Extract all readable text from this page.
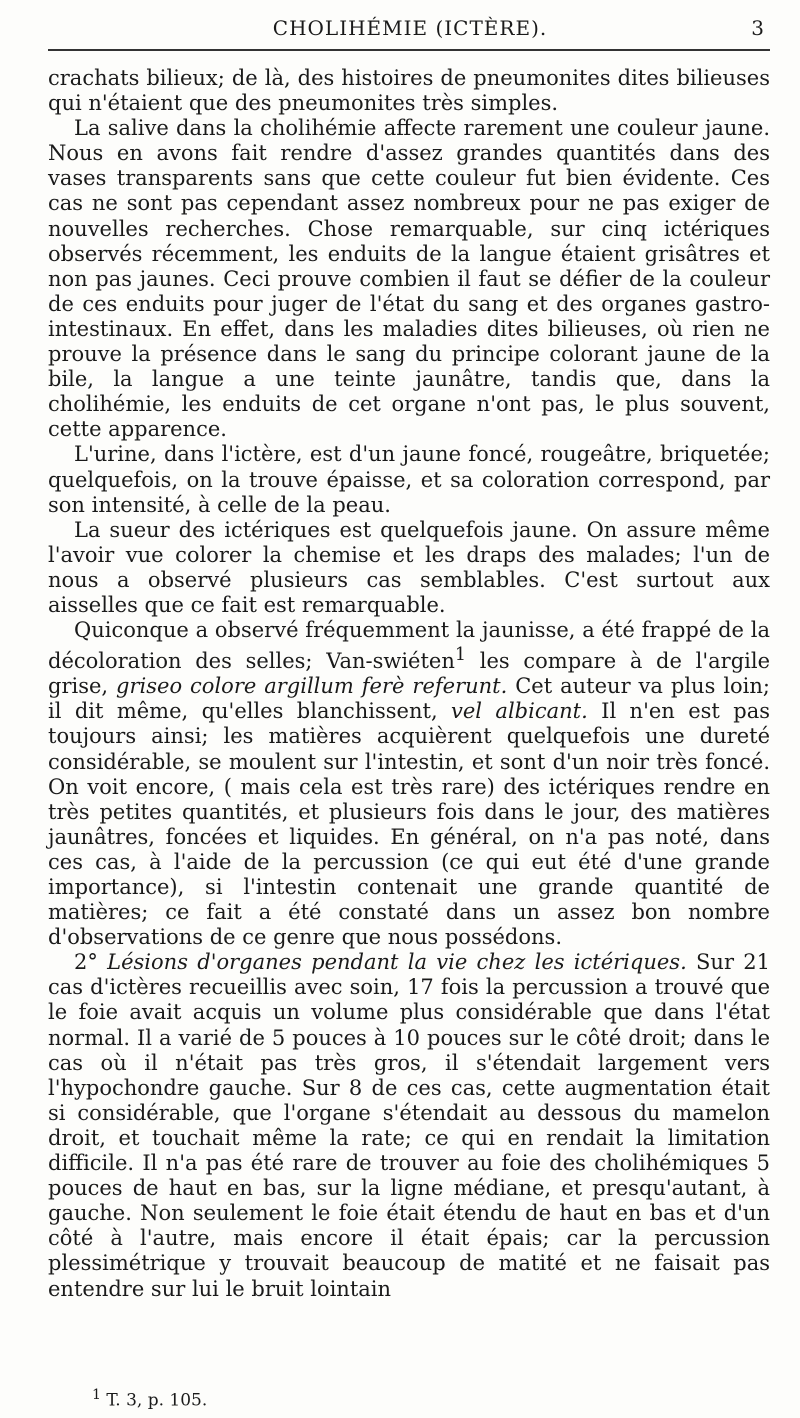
CHOLIHÉMIE (ICTÈRE).	3

crachats bilieux; de là, des histoires de pneumonites dites bilieuses qui n'étaient que des pneumonites très simples.

La salive dans la cholihémie affecte rarement une couleur jaune. Nous en avons fait rendre d'assez grandes quantités dans des vases transparents sans que cette couleur fut bien évidente. Ces cas ne sont pas cependant assez nombreux pour ne pas exiger de nouvelles recherches. Chose remarquable, sur cinq ictériques observés récemment, les enduits de la langue étaient grisâtres et non pas jaunes. Ceci prouve combien il faut se défier de la couleur de ces enduits pour juger de l'état du sang et des organes gastro-intestinaux. En effet, dans les maladies dites bilieuses, où rien ne prouve la présence dans le sang du principe colorant jaune de la bile, la langue a une teinte jaunâtre, tandis que, dans la cholihémie, les enduits de cet organe n'ont pas, le plus souvent, cette apparence.

L'urine, dans l'ictère, est d'un jaune foncé, rougeâtre, briquetée; quelquefois, on la trouve épaisse, et sa coloration correspond, par son intensité, à celle de la peau.

La sueur des ictériques est quelquefois jaune. On assure même l'avoir vue colorer la chemise et les draps des malades; l'un de nous a observé plusieurs cas semblables. C'est surtout aux aisselles que ce fait est remarquable.

Quiconque a observé fréquemment la jaunisse, a été frappé de la décoloration des selles; Van-swiéten$^1$ les compare à de l'argile grise, griseo colore argillum ferè referunt. Cet auteur va plus loin; il dit même, qu'elles blanchissent, vel albicant. Il n'en est pas toujours ainsi; les matières acquièrent quelquefois une dureté considérable, se moulent sur l'intestin, et sont d'un noir très foncé. On voit encore, ( mais cela est très rare) des ictériques rendre en très petites quantités, et plusieurs fois dans le jour, des matières jaunâtres, foncées et liquides. En général, on n'a pas noté, dans ces cas, à l'aide de la percussion (ce qui eut été d'une grande importance), si l'intestin contenait une grande quantité de matières; ce fait a été constaté dans un assez bon nombre d'observations de ce genre que nous possédons.

2° Lésions d'organes pendant la vie chez les ictériques. Sur 21 cas d'ictères recueillis avec soin, 17 fois la percussion a trouvé que le foie avait acquis un volume plus considérable que dans l'état normal. Il a varié de 5 pouces à 10 pouces sur le côté droit; dans le cas où il n'était pas très gros, il s'étendait largement vers l'hypochondre gauche. Sur 8 de ces cas, cette augmentation était si considérable, que l'organe s'étendait au dessous du mamelon droit, et touchait même la rate; ce qui en rendait la limitation difficile. Il n'a pas été rare de trouver au foie des cholihémiques 5 pouces de haut en bas, sur la ligne médiane, et presqu'autant, à gauche. Non seulement le foie était étendu de haut en bas et d'un côté à l'autre, mais encore il était épais; car la percussion plessimétrique y trouvait beaucoup de matité et ne faisait pas entendre sur lui le bruit lointain

$^1$ T. 3, p. 105.
